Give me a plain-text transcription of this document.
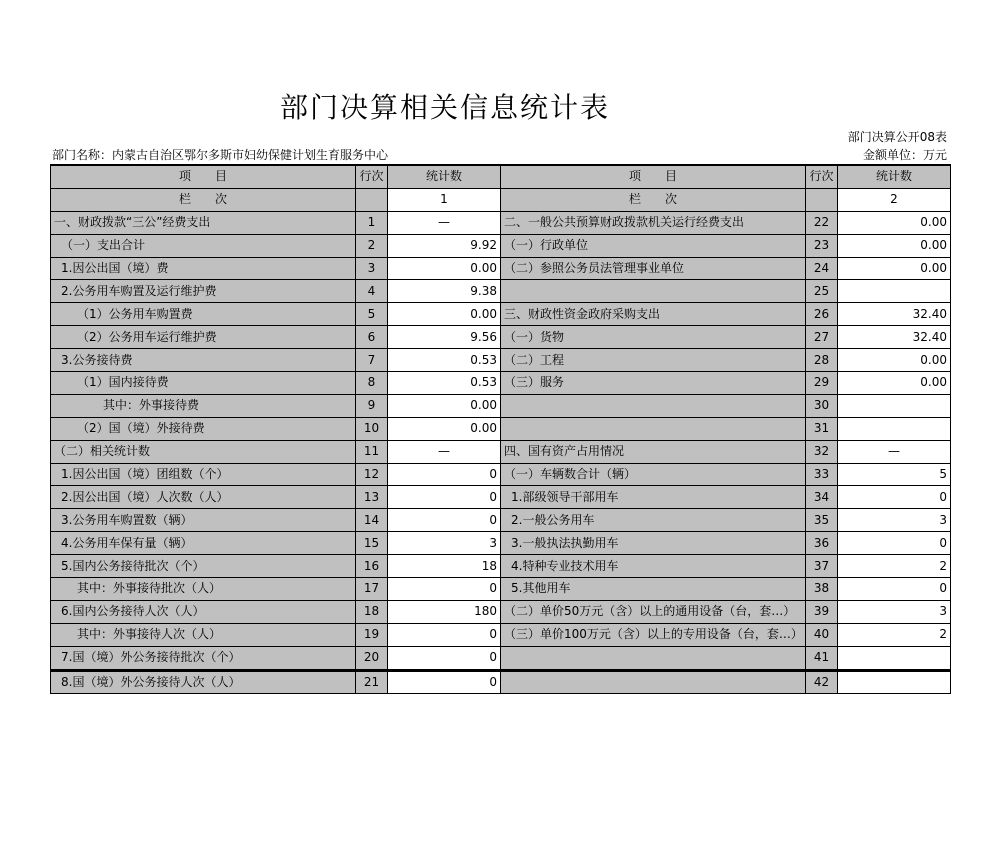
部门决算相关信息统计表
部门决算公开08表
部门名称：内蒙古自治区鄂尔多斯市妇幼保健计划生育服务中心	金额单位：万元
项　　目	行次	统计数	项　　目	行次	统计数
栏　　次		1	栏　　次		2
一、财政拨款“三公”经费支出	1	—	二、一般公共预算财政拨款机关运行经费支出	22	0.00
（一）支出合计	2	9.92	（一）行政单位	23	0.00
1.因公出国（境）费	3	0.00	（二）参照公务员法管理事业单位	24	0.00
2.公务用车购置及运行维护费	4	9.38		25	
（1）公务用车购置费	5	0.00	三、财政性资金政府采购支出	26	32.40
（2）公务用车运行维护费	6	9.56	（一）货物	27	32.40
3.公务接待费	7	0.53	（二）工程	28	0.00
（1）国内接待费	8	0.53	（三）服务	29	0.00
其中：外事接待费	9	0.00		30	
（2）国（境）外接待费	10	0.00		31	
（二）相关统计数	11	—	四、国有资产占用情况	32	—
1.因公出国（境）团组数（个）	12	0	（一）车辆数合计（辆）	33	5
2.因公出国（境）人次数（人）	13	0	1.部级领导干部用车	34	0
3.公务用车购置数（辆）	14	0	2.一般公务用车	35	3
4.公务用车保有量（辆）	15	3	3.一般执法执勤用车	36	0
5.国内公务接待批次（个）	16	18	4.特种专业技术用车	37	2
其中：外事接待批次（人）	17	0	5.其他用车	38	0
6.国内公务接待人次（人）	18	180	（二）单价50万元（含）以上的通用设备（台，套…）	39	3
其中：外事接待人次（人）	19	0	（三）单价100万元（含）以上的专用设备（台，套…）	40	2
7.国（境）外公务接待批次（个）	20	0		41	
8.国（境）外公务接待人次（人）	21	0		42	
